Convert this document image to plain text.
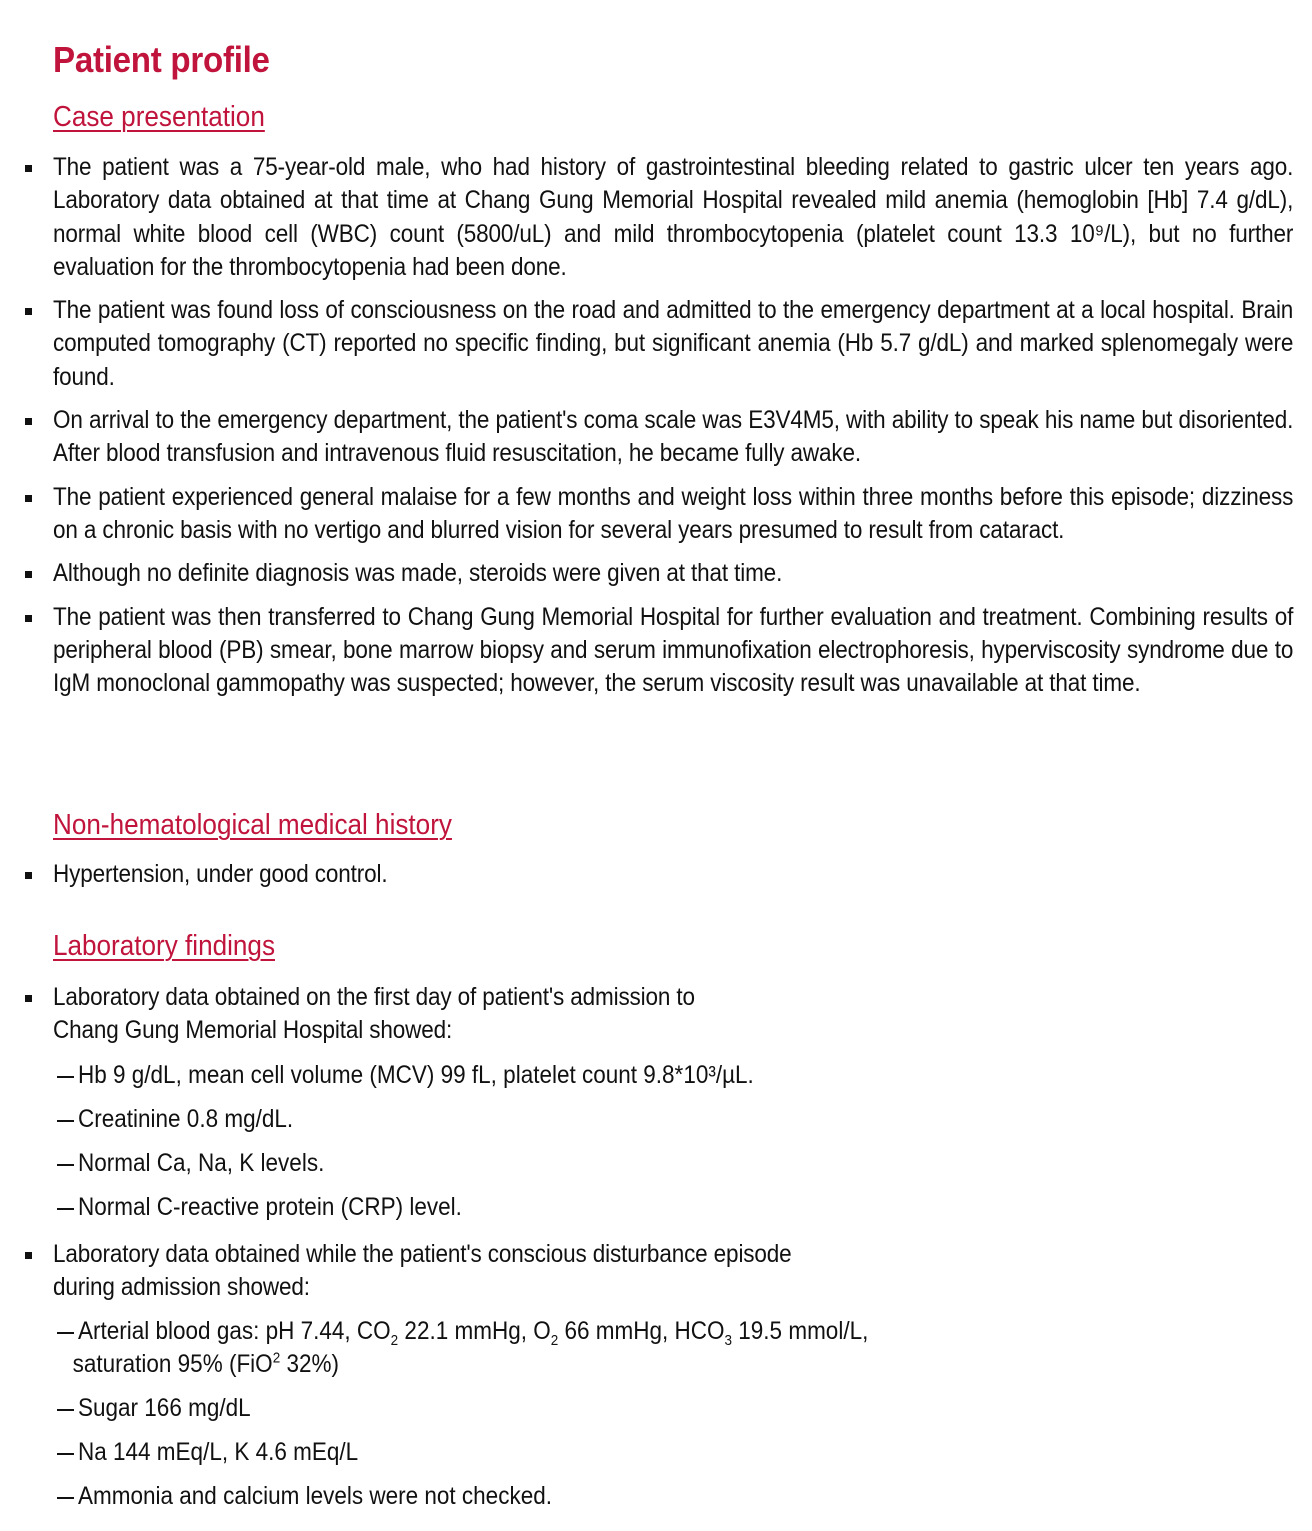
Patient profile
Case presentation
The patient was a 75-year-old male, who had history of gastrointestinal bleeding related to gastric ulcer ten years ago. Laboratory data obtained at that time at Chang Gung Memorial Hospital revealed mild anemia (hemoglobin [Hb] 7.4 g/dL), normal white blood cell (WBC) count (5800/uL) and mild thrombocytopenia (platelet count 13.3 10⁹/L), but no further evaluation for the thrombocytopenia had been done.
The patient was found loss of consciousness on the road and admitted to the emergency department at a local hospital. Brain computed tomography (CT) reported no specific finding, but significant anemia (Hb 5.7 g/dL) and marked splenomegaly were found.
On arrival to the emergency department, the patient's coma scale was E3V4M5, with ability to speak his name but disoriented. After blood transfusion and intravenous fluid resuscitation, he became fully awake.
The patient experienced general malaise for a few months and weight loss within three months before this episode; dizziness on a chronic basis with no vertigo and blurred vision for several years presumed to result from cataract.
Although no definite diagnosis was made, steroids were given at that time.
The patient was then transferred to Chang Gung Memorial Hospital for further evaluation and treatment. Combining results of peripheral blood (PB) smear, bone marrow biopsy and serum immunofixation electrophoresis, hyperviscosity syndrome due to IgM monoclonal gammopathy was suspected; however, the serum viscosity result was unavailable at that time.
Non-hematological medical history
Hypertension, under good control.
Laboratory findings
Laboratory data obtained on the first day of patient's admission to
Chang Gung Memorial Hospital showed:
Hb 9 g/dL, mean cell volume (MCV) 99 fL, platelet count 9.8*10³/µL.
Creatinine 0.8 mg/dL.
Normal Ca, Na, K levels.
Normal C-reactive protein (CRP) level.
Laboratory data obtained while the patient's conscious disturbance episode
during admission showed:
Arterial blood gas: pH 7.44, $CO_2$ 22.1 mmHg, $O_2$ 66 mmHg, $HCO_3$ 19.5 mmol/L,
saturation 95% (FiO$^2$ 32%)
Sugar 166 mg/dL
Na 144 mEq/L, K 4.6 mEq/L
Ammonia and calcium levels were not checked.
